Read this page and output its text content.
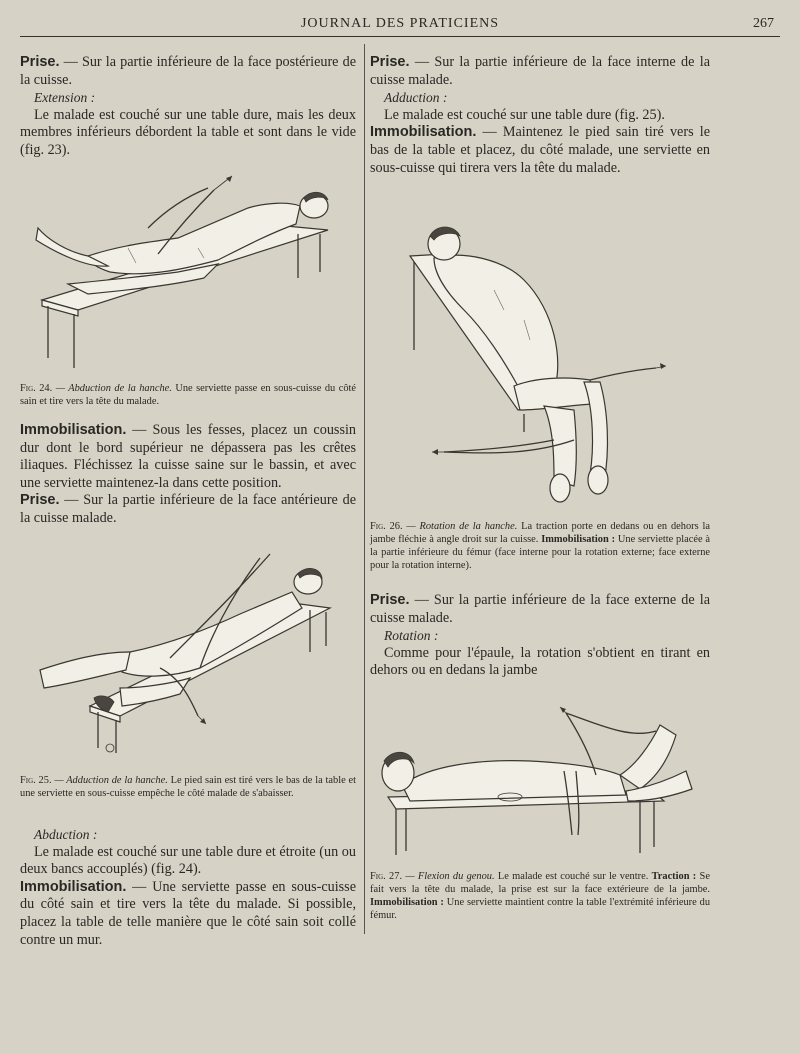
JOURNAL DES PRATICIENS	267

Prise. — Sur la partie inférieure de la face postérieure de la cuisse.

Extension :

Le malade est couché sur une table dure, mais les deux membres inférieurs débordent la table et sont dans le vide (fig. 23).

Fig. 24. — Abduction de la hanche. Une serviette passe en sous-cuisse du côté sain et tire vers la tête du malade.

Immobilisation. — Sous les fesses, placez un coussin dur dont le bord supérieur ne dépassera pas les crêtes iliaques. Fléchissez la cuisse saine sur le bassin, et avec une serviette maintenez-la dans cette position.

Prise. — Sur la partie inférieure de la face antérieure de la cuisse malade.

Fig. 25. — Adduction de la hanche. Le pied sain est tiré vers le bas de la table et une serviette en sous-cuisse empêche le côté malade de s'abaisser.

Abduction :

Le malade est couché sur une table dure et étroite (un ou deux bancs accouplés) (fig. 24).

Immobilisation. — Une serviette passe en sous-cuisse du côté sain et tire vers la tête du malade. Si possible, placez la table de telle manière que le côté sain soit collé contre un mur.

Prise. — Sur la partie inférieure de la face interne de la cuisse malade.

Adduction :

Le malade est couché sur une table dure (fig. 25).

Immobilisation. — Maintenez le pied sain tiré vers le bas de la table et placez, du côté malade, une serviette en sous-cuisse qui tirera vers la tête du malade.

Fig. 26. — Rotation de la hanche. La traction porte en dedans ou en dehors la jambe fléchie à angle droit sur la cuisse. Immobilisation : Une serviette placée à la partie inférieure du fémur (face interne pour la rotation externe; face externe pour la rotation interne).

Prise. — Sur la partie inférieure de la face externe de la cuisse malade.

Rotation :

Comme pour l'épaule, la rotation s'obtient en tirant en dehors ou en dedans la jambe

Fig. 27. — Flexion du genou. Le malade est couché sur le ventre. Traction : Se fait vers la tête du malade, la prise est sur la face extérieure de la jambe. Immobilisation : Une serviette maintient contre la table l'extrémité inférieure du fémur.
